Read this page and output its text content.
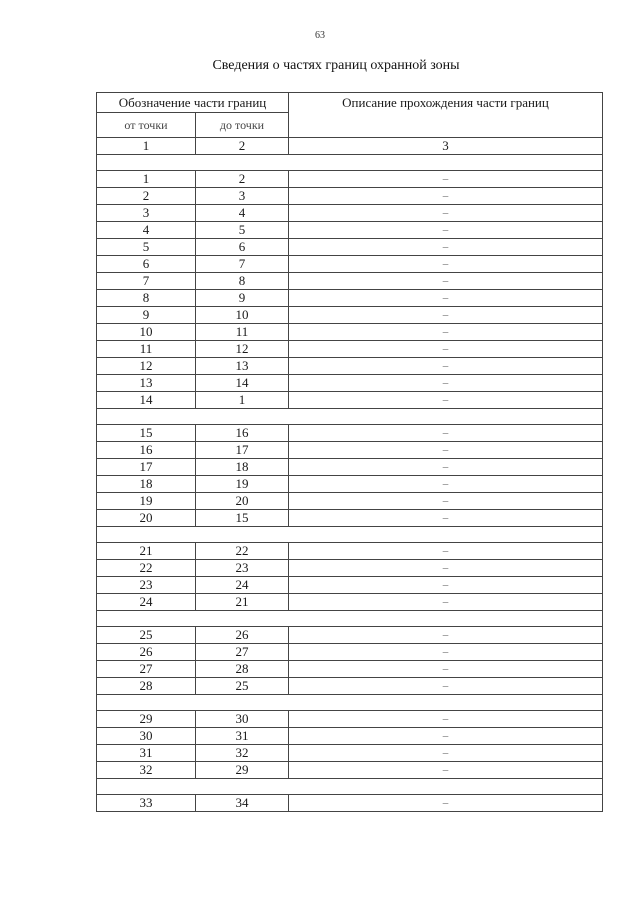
63
Сведения о частях границ охранной зоны
Обозначение части границ		Описание прохождения части границ
от точки	до точки	
1	2	3

1	2	–
2	3	–
3	4	–
4	5	–
5	6	–
6	7	–
7	8	–
8	9	–
9	10	–
10	11	–
11	12	–
12	13	–
13	14	–
14	1	–

15	16	–
16	17	–
17	18	–
18	19	–
19	20	–
20	15	–

21	22	–
22	23	–
23	24	–
24	21	–

25	26	–
26	27	–
27	28	–
28	25	–

29	30	–
30	31	–
31	32	–
32	29	–

33	34	–
